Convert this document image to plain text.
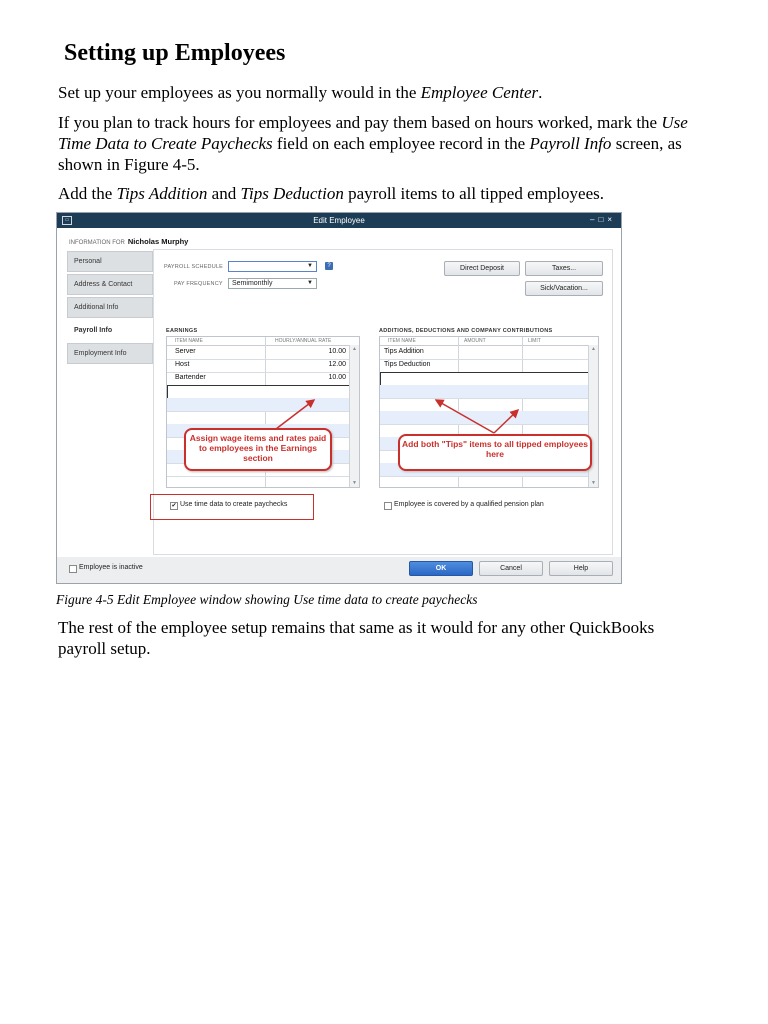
Setting up Employees

Set up your employees as you normally would in the Employee Center.

If you plan to track hours for employees and pay them based on hours worked, mark the Use Time Data to Create Paychecks field on each employee record in the Payroll Info screen, as shown in Figure 4-5.

Add the Tips Addition and Tips Deduction payroll items to all tipped employees.

▭	Edit Employee	–□×
INFORMATION FOR Nicholas Murphy
Personal
Address & Contact
Additional Info
Payroll Info
Employment Info
PAYROLL SCHEDULE	▼	?
PAY FREQUENCY	Semimonthly	▼
Direct Deposit	Taxes...
Sick/Vacation...
EARNINGS
ITEM NAME	HOURLY/ANNUAL RATE
Server	10.00
Host	12.00
Bartender	10.00
▲
▼
ADDITIONS, DEDUCTIONS AND COMPANY CONTRIBUTIONS
ITEM NAME	AMOUNT	LIMIT
Tips Addition
Tips Deduction
▲
▼
Assign wage items and rates paid to employees in the Earnings section
Add both "Tips" items to all tipped employees here
✔ Use time data to create paychecks	Employee is covered by a qualified pension plan
Employee is inactive	OK	Cancel	Help
Figure 4-5 Edit Employee window showing Use time data to create paychecks

The rest of the employee setup remains that same as it would for any other QuickBooks payroll setup.
